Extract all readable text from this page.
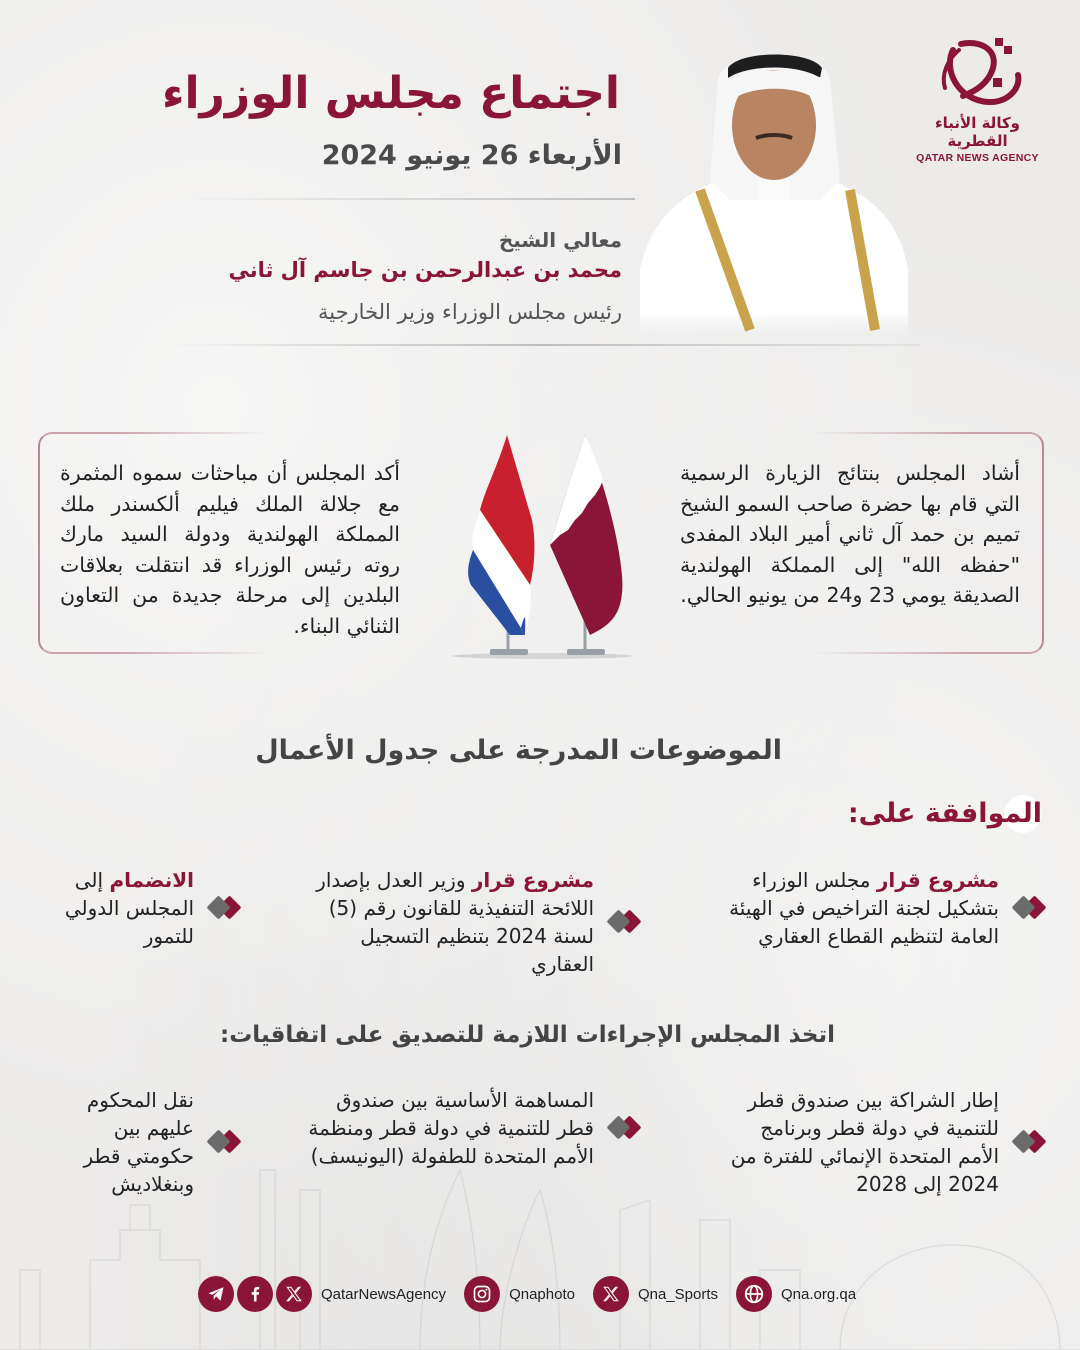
وكالة الأنباء القطرية
QATAR NEWS AGENCY
اجتماع مجلس الوزراء
الأربعاء 26 يونيو 2024
معالي الشيخ
محمد بن عبدالرحمن بن جاسم آل ثاني
رئيس مجلس الوزراء وزير الخارجية

أشاد المجلس بنتائج الزيارة الرسمية التي قام بها حضرة صاحب السمو الشيخ تميم بن حمد آل ثاني أمير البلاد المفدى "حفظه الله" إلى المملكة الهولندية الصديقة يومي 23 و24 من يونيو الحالي.

أكد المجلس أن مباحثات سموه المثمرة مع جلالة الملك فيليم ألكسندر ملك المملكة الهولندية ودولة السيد مارك روته رئيس الوزراء قد انتقلت بعلاقات البلدين إلى مرحلة جديدة من التعاون الثنائي البناء.

الموضوعات المدرجة على جدول الأعمال
الموافقة على:
مشروع قرار مجلس الوزراء بتشكيل لجنة التراخيص في الهيئة العامة لتنظيم القطاع العقاري
مشروع قرار وزير العدل بإصدار اللائحة التنفيذية للقانون رقم (5) لسنة 2024 بتنظيم التسجيل العقاري
الانضمام إلى المجلس الدولي للتمور
اتخذ المجلس الإجراءات اللازمة للتصديق على اتفاقيات:
إطار الشراكة بين صندوق قطر للتنمية في دولة قطر وبرنامج الأمم المتحدة الإنمائي للفترة من 2024 إلى 2028
المساهمة الأساسية بين صندوق قطر للتنمية في دولة قطر ومنظمة الأمم المتحدة للطفولة (اليونيسف)
نقل المحكوم عليهم بين حكومتي قطر وبنغلاديش
QatarNewsAgency	Qnaphoto	Qna_Sports	Qna.org.qa
